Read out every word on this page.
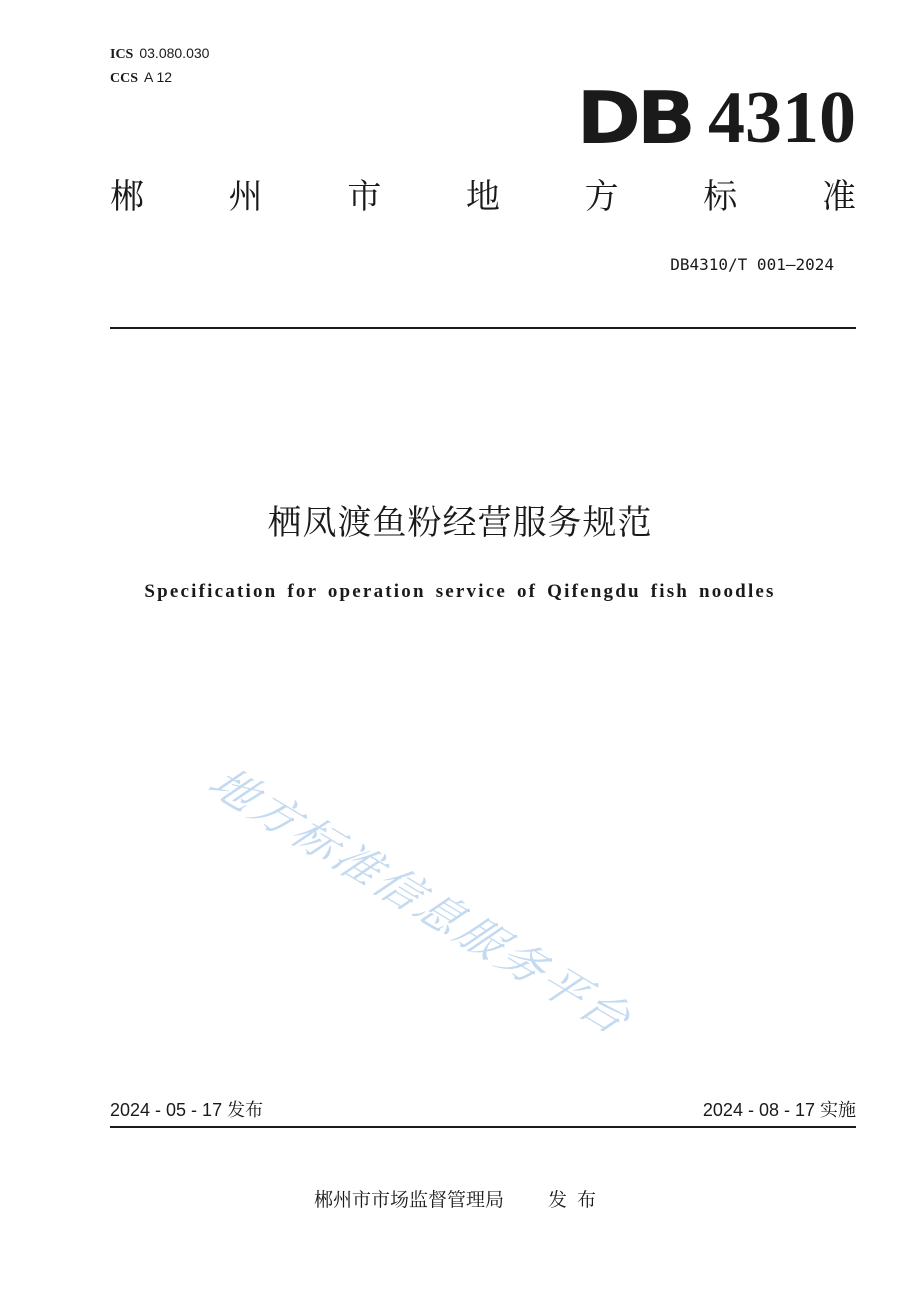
ICS 03.080.030
CCS A 12	DB 4310
郴 州 市 地 方 标 准
DB4310/T 001—2024
栖凤渡鱼粉经营服务规范
Specification for operation service of Qifengdu fish noodles
地方标准信息服务平台
2024 - 05 - 17 发布	2024 - 08 - 17 实施
郴州市市场监督管理局 发布
